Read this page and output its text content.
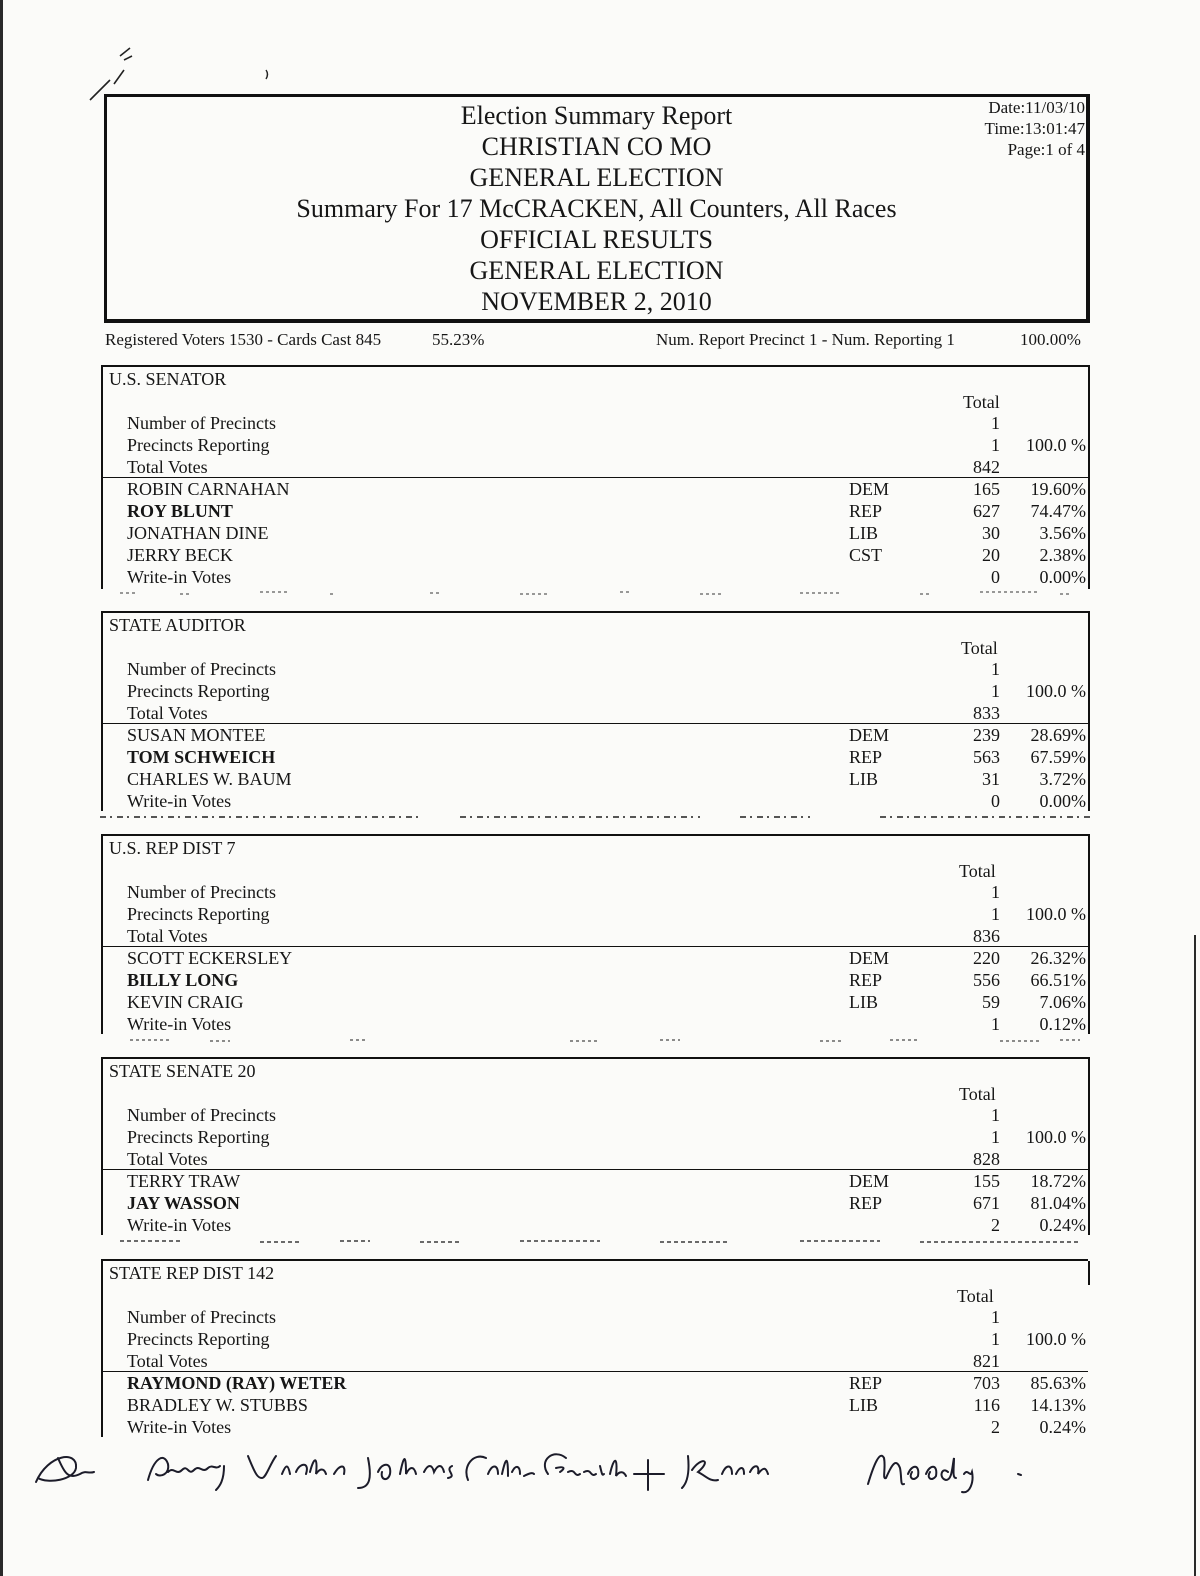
Election Summary Report
CHRISTIAN CO MO
GENERAL ELECTION
Summary For 17 McCRACKEN, All Counters, All Races
OFFICIAL RESULTS
GENERAL ELECTION
NOVEMBER 2, 2010
Date:11/03/10
Time:13:01:47
Page:1 of 4
Registered Voters 1530 - Cards Cast 845	55.23%	Num. Report Precinct 1 - Num. Reporting 1	100.00%
U.S. SENATOR
Total
Number of Precincts	1
Precincts Reporting	1 100.0 %
Total Votes	842
ROBIN CARNAHAN	DEM	165 19.60%
ROY BLUNT	REP	627 74.47%
JONATHAN DINE	LIB	30 3.56%
JERRY BECK	CST	20 2.38%
Write-in Votes	0 0.00%
STATE AUDITOR
Total
Number of Precincts	1
Precincts Reporting	1 100.0 %
Total Votes	833
SUSAN MONTEE	DEM	239 28.69%
TOM SCHWEICH	REP	563 67.59%
CHARLES W. BAUM	LIB	31 3.72%
Write-in Votes	0 0.00%
U.S. REP DIST 7
Total
Number of Precincts	1
Precincts Reporting	1 100.0 %
Total Votes	836
SCOTT ECKERSLEY	DEM	220 26.32%
BILLY LONG	REP	556 66.51%
KEVIN CRAIG	LIB	59 7.06%
Write-in Votes	1 0.12%
STATE SENATE 20
Total
Number of Precincts	1
Precincts Reporting	1 100.0 %
Total Votes	828
TERRY TRAW	DEM	155 18.72%
JAY WASSON	REP	671 81.04%
Write-in Votes	2 0.24%
STATE REP DIST 142
Total
Number of Precincts	1
Precincts Reporting	1 100.0 %
Total Votes	821
RAYMOND (RAY) WETER	REP	703 85.63%
BRADLEY W. STUBBS	LIB	116 14.13%
Write-in Votes	2 0.24%
